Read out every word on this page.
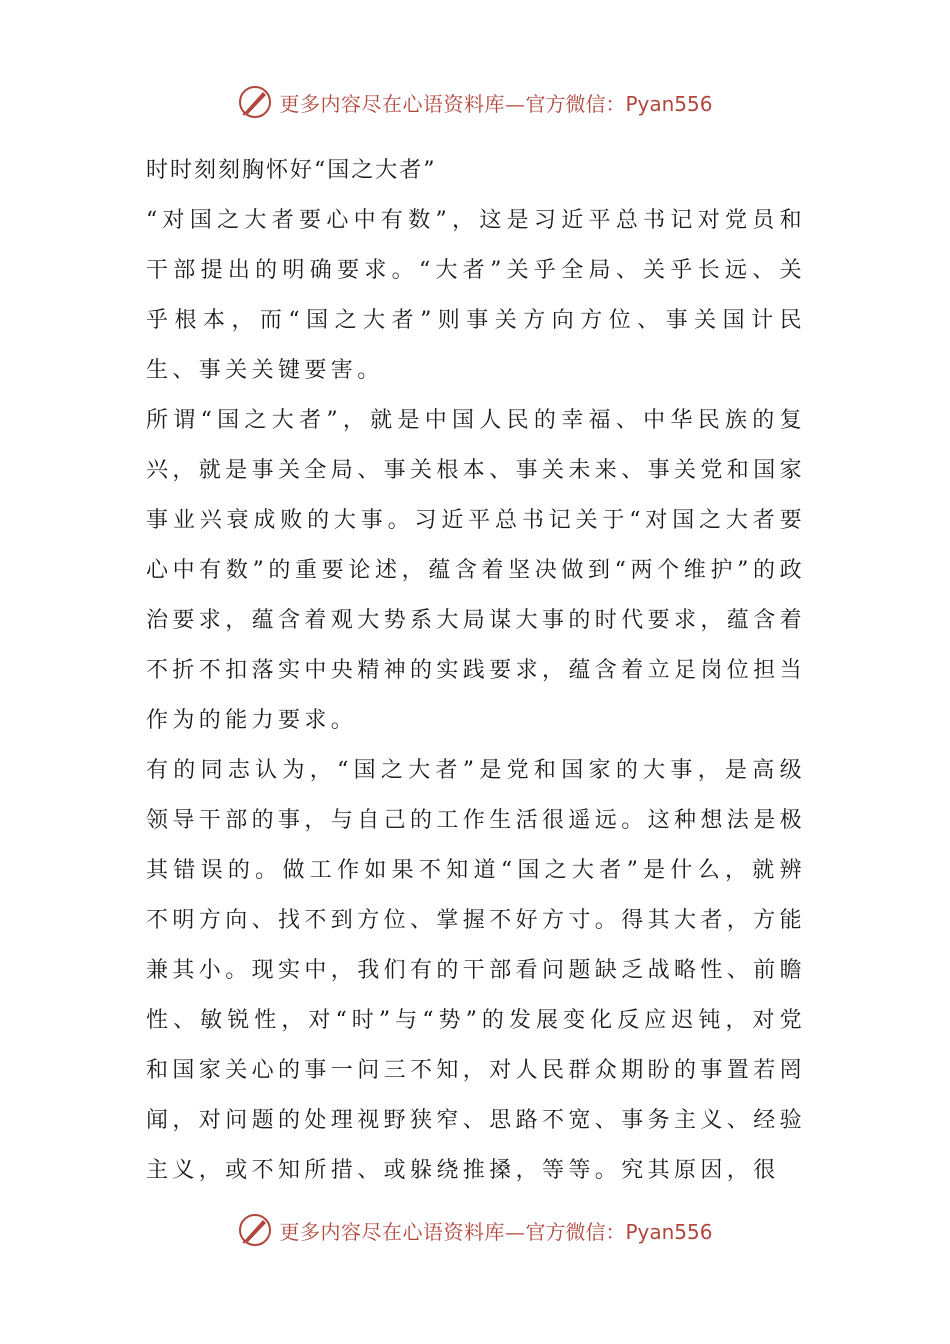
更多内容尽在心语资料库— 官方微信：Pyan556
时时刻刻胸怀好“国之大者”

“对国之大者要心中有数”，这是习近平总书记对党员和干部提出的明确要求。“大者”关乎全局、关乎长远、关乎根本，而“国之大者”则事关方向方位、事关国计民生、事关关键要害。

所谓“国之大者”，就是中国人民的幸福、中华民族的复兴，就是事关全局、事关根本、事关未来、事关党和国家事业兴衰成败的大事。习近平总书记关于“对国之大者要心中有数”的重要论述，蕴含着坚决做到“两个维护”的政治要求，蕴含着观大势系大局谋大事的时代要求，蕴含着不折不扣落实中央精神的实践要求，蕴含着立足岗位担当作为的能力要求。

有的同志认为，“国之大者”是党和国家的大事，是高级领导干部的事，与自己的工作生活很遥远。这种想法是极其错误的。做工作如果不知道“国之大者”是什么，就辨不明方向、找不到方位、掌握不好方寸。得其大者，方能兼其小。现实中，我们有的干部看问题缺乏战略性、前瞻性、敏锐性，对“时”与“势”的发展变化反应迟钝，对党和国家关心的事一问三不知，对人民群众期盼的事置若罔闻，对问题的处理视野狭窄、思路不宽、事务主义、经验主义，或不知所措、或躲绕推搡，等等。究其原因，很

更多内容尽在心语资料库— 官方微信：Pyan556
